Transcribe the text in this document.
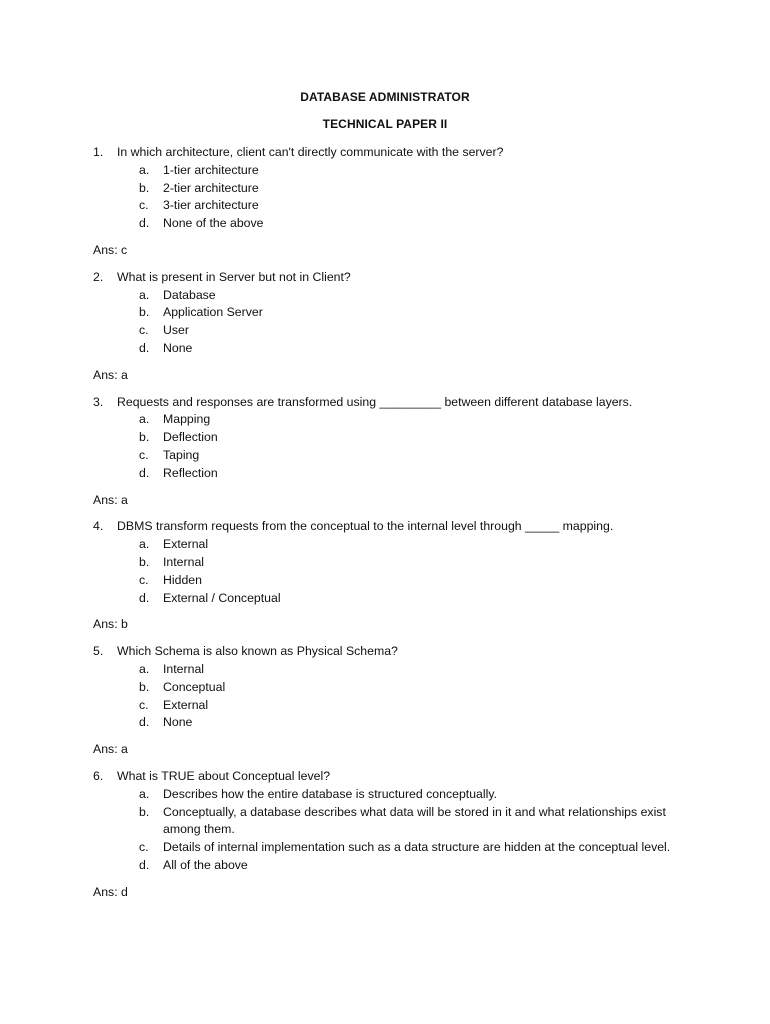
DATABASE ADMINISTRATOR
TECHNICAL PAPER II
1. In which architecture, client can't directly communicate with the server?
a. 1-tier architecture
b. 2-tier architecture
c. 3-tier architecture
d. None of the above
Ans: c
2. What is present in Server but not in Client?
a. Database
b. Application Server
c. User
d. None
Ans: a
3. Requests and responses are transformed using _________ between different database layers.
a. Mapping
b. Deflection
c. Taping
d. Reflection
Ans: a
4. DBMS transform requests from the conceptual to the internal level through _____ mapping.
a. External
b. Internal
c. Hidden
d. External / Conceptual
Ans: b
5. Which Schema is also known as Physical Schema?
a. Internal
b. Conceptual
c. External
d. None
Ans: a
6. What is TRUE about Conceptual level?
a. Describes how the entire database is structured conceptually.
b. Conceptually, a database describes what data will be stored in it and what relationships exist among them.
c. Details of internal implementation such as a data structure are hidden at the conceptual level.
d. All of the above
Ans: d
